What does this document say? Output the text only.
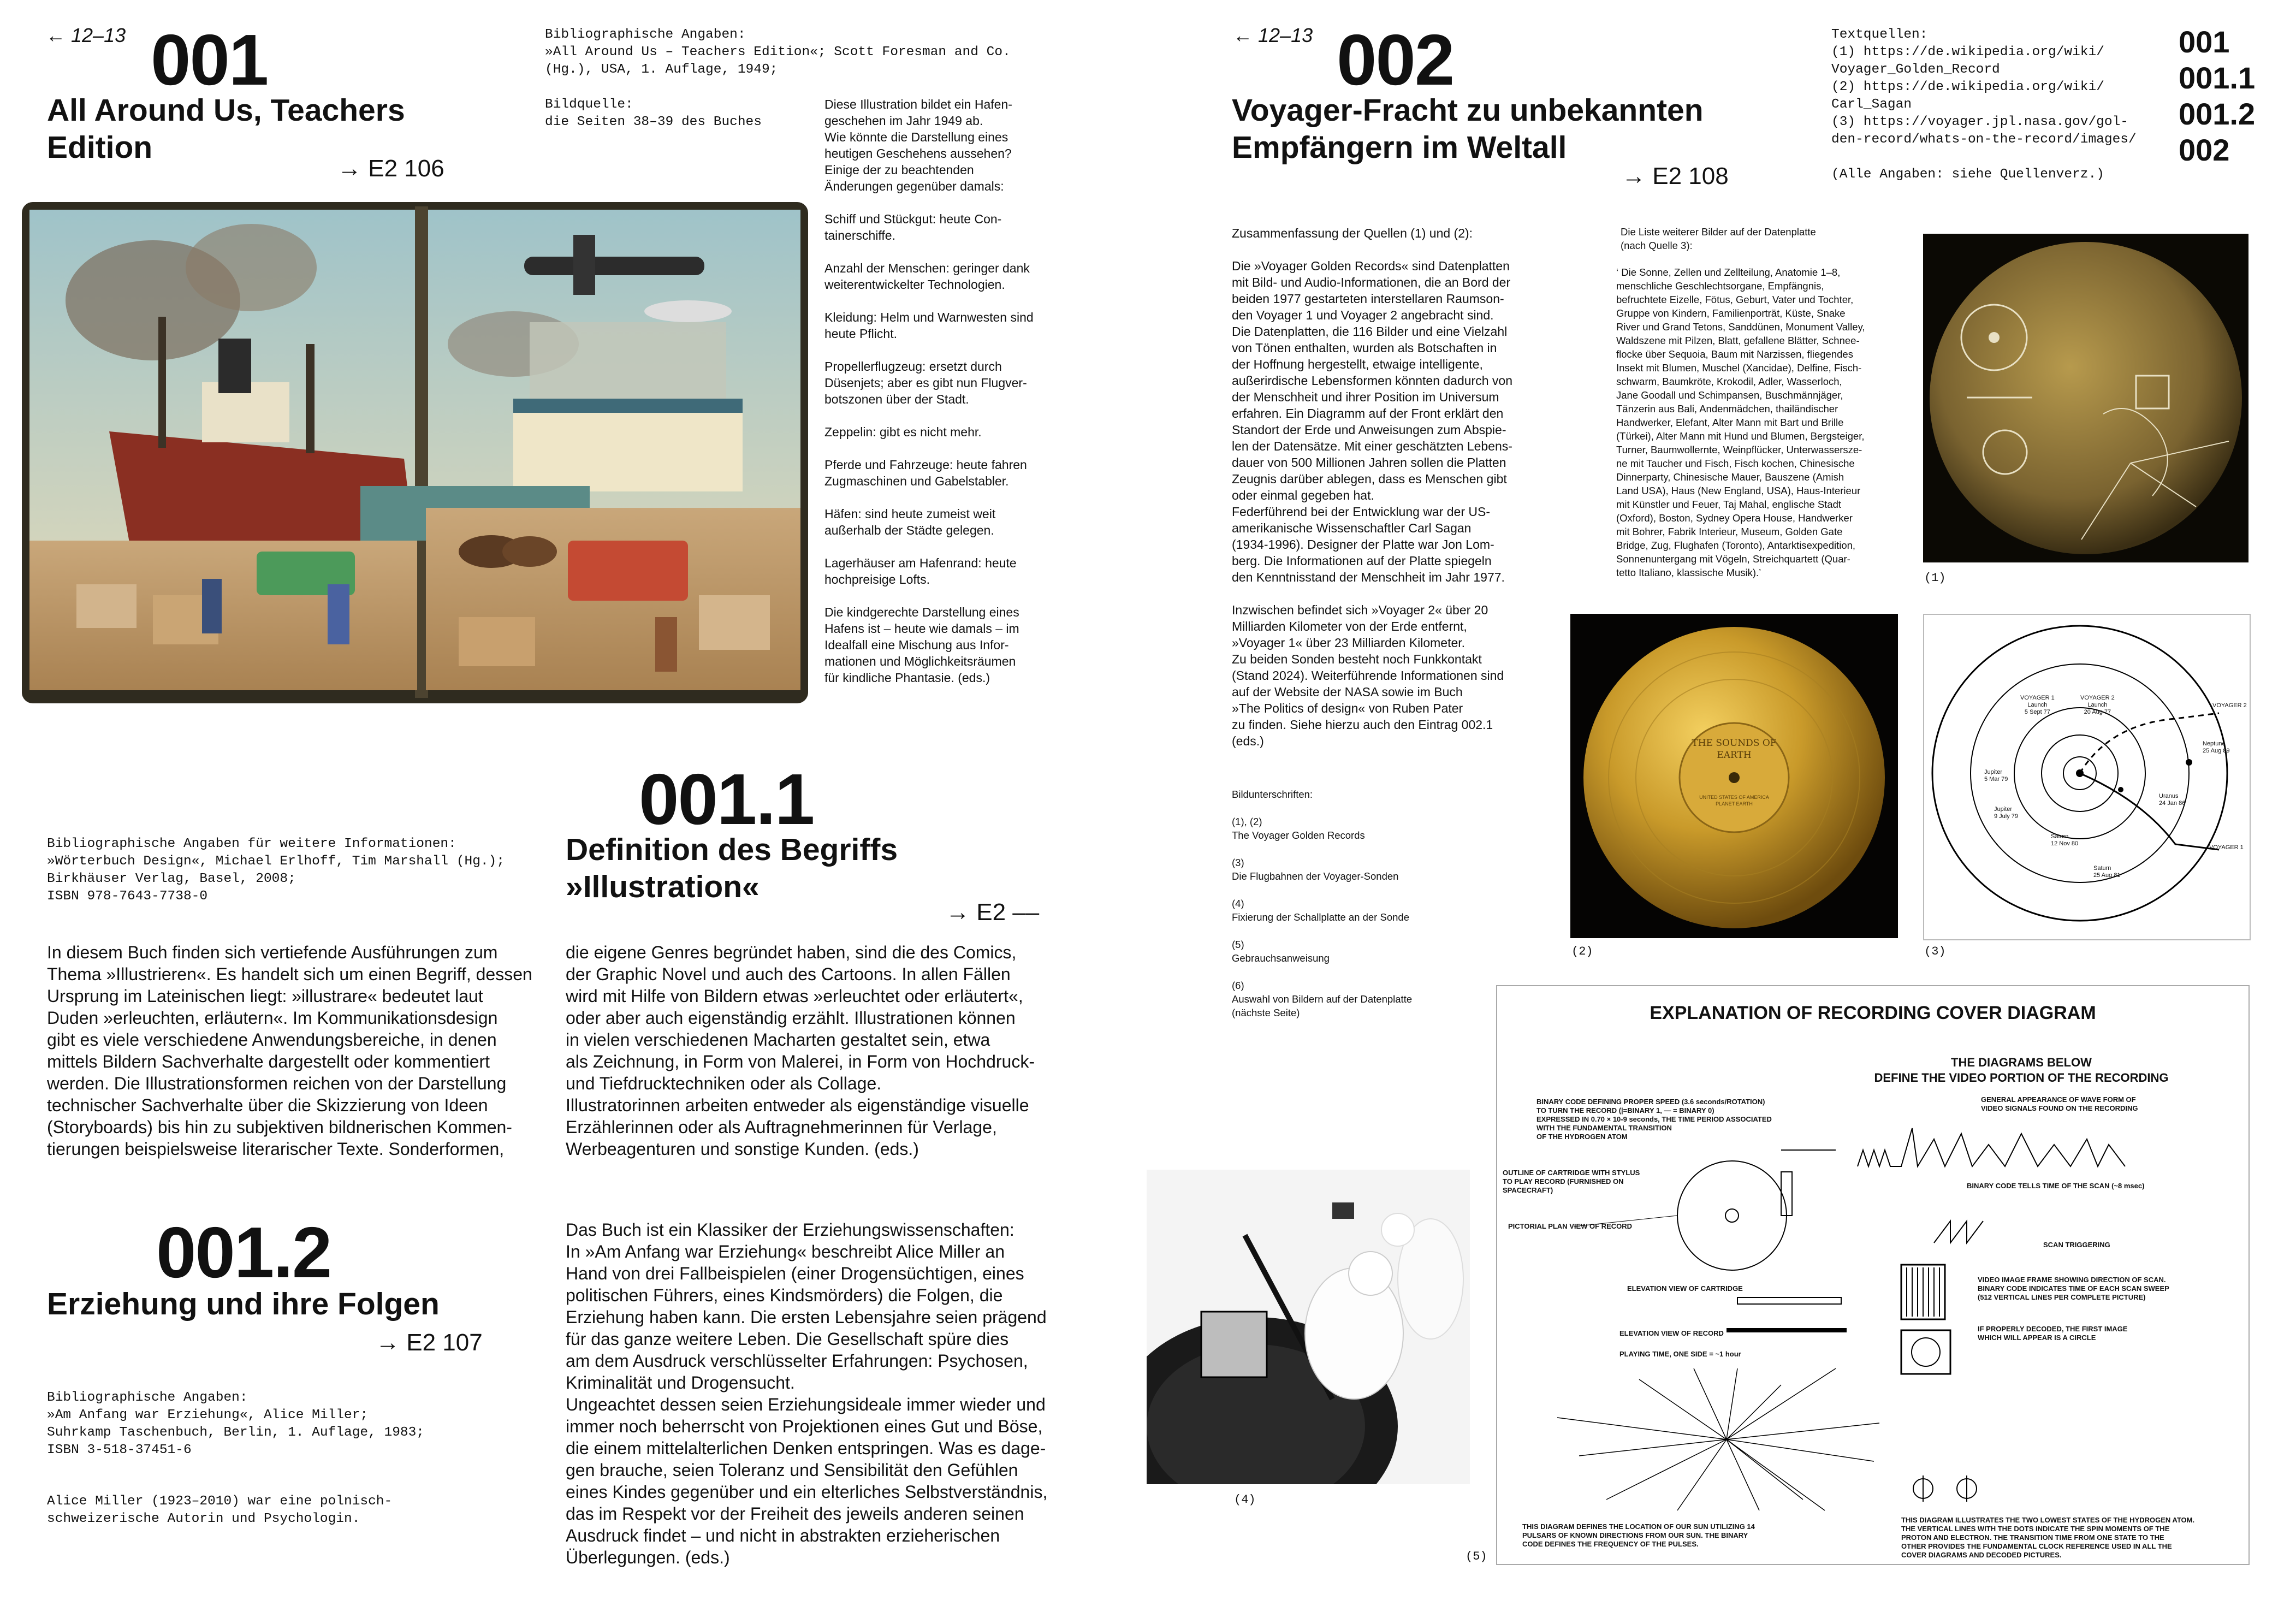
← 12–13 001
All Around Us, Teachers
Edition
→ E2 106
Bibliographische Angaben:
»All Around Us – Teachers Edition«; Scott Foresman and Co.
(Hg.), USA, 1. Auflage, 1949;
Bildquelle:
die Seiten 38–39 des Buches
Diese Illustration bildet ein Hafen-
geschehen im Jahr 1949 ab.
Wie könnte die Darstellung eines
heutigen Geschehens aussehen?
Einige der zu beachtenden
Änderungen gegenüber damals:

Schiff und Stückgut: heute Con-
tainerschiffe.

Anzahl der Menschen: geringer dank
weiterentwickelter Technologien.

Kleidung: Helm und Warnwesten sind
heute Pflicht.

Propellerflugzeug: ersetzt durch
Düsenjets; aber es gibt nun Flugver-
botszonen über der Stadt.

Zeppelin: gibt es nicht mehr.

Pferde und Fahrzeuge: heute fahren
Zugmaschinen und Gabelstabler.

Häfen: sind heute zumeist weit
außerhalb der Städte gelegen.

Lagerhäuser am Hafenrand: heute
hochpreisige Lofts.

Die kindgerechte Darstellung eines
Hafens ist – heute wie damals – im
Idealfall eine Mischung aus Infor-
mationen und Möglichkeitsräumen
für kindliche Phantasie. (eds.)
001.1
Definition des Begriffs
»Illustration«
→ E2 ––
Bibliographische Angaben für weitere Informationen:
»Wörterbuch Design«, Michael Erlhoff, Tim Marshall (Hg.);
Birkhäuser Verlag, Basel, 2008;
ISBN 978-7643-7738-0
In diesem Buch finden sich vertiefende Ausführungen zum
Thema »Illustrieren«. Es handelt sich um einen Begriff, dessen
Ursprung im Lateinischen liegt: »illustrare« bedeutet laut
Duden »erleuchten, erläutern«. Im Kommunikationsdesign
gibt es viele verschiedene Anwendungsbereiche, in denen
mittels Bildern Sachverhalte dargestellt oder kommentiert
werden. Die Illustrationsformen reichen von der Darstellung
technischer Sachverhalte über die Skizzierung von Ideen
(Storyboards) bis hin zu subjektiven bildnerischen Kommen-
tierungen beispielsweise literarischer Texte. Sonderformen,
die eigene Genres begründet haben, sind die des Comics,
der Graphic Novel und auch des Cartoons. In allen Fällen
wird mit Hilfe von Bildern etwas »erleuchtet oder erläutert«,
oder aber auch eigenständig erzählt. Illustrationen können
in vielen verschiedenen Macharten gestaltet sein, etwa
als Zeichnung, in Form von Malerei, in Form von Hochdruck-
und Tiefdrucktechniken oder als Collage.
Illustratorinnen arbeiten entweder als eigenständige visuelle
Erzählerinnen oder als Auftragnehmerinnen für Verlage,
Werbeagenturen und sonstige Kunden. (eds.)
001.2
Erziehung und ihre Folgen
→ E2 107
Bibliographische Angaben:
»Am Anfang war Erziehung«, Alice Miller;
Suhrkamp Taschenbuch, Berlin, 1. Auflage, 1983;
ISBN 3-518-37451-6
Alice Miller (1923–2010) war eine polnisch-
schweizerische Autorin und Psychologin.
Das Buch ist ein Klassiker der Erziehungswissenschaften:
In »Am Anfang war Erziehung« beschreibt Alice Miller an
Hand von drei Fallbeispielen (einer Drogensüchtigen, eines
politischen Führers, eines Kindsmörders) die Folgen, die
Erziehung haben kann. Die ersten Lebensjahre seien prägend
für das ganze weitere Leben. Die Gesellschaft spüre dies
am dem Ausdruck verschlüsselter Erfahrungen: Psychosen,
Kriminalität und Drogensucht.
Ungeachtet dessen seien Erziehungsideale immer wieder und
immer noch beherrscht von Projektionen eines Gut und Böse,
die einem mittelalterlichen Denken entspringen. Was es dage-
gen brauche, seien Toleranz und Sensibilität den Gefühlen
eines Kindes gegenüber und ein elterliches Selbstverständnis,
das im Respekt vor der Freiheit des jeweils anderen seinen
Ausdruck findet – und nicht in abstrakten erzieherischen
Überlegungen. (eds.)
← 12–13 002
Voyager-Fracht zu unbekannten
Empfängern im Weltall
→ E2 108
Textquellen:
(1) https://de.wikipedia.org/wiki/
Voyager_Golden_Record
(2) https://de.wikipedia.org/wiki/
Carl_Sagan
(3) https://voyager.jpl.nasa.gov/gol-
den-record/whats-on-the-record/images/

(Alle Angaben: siehe Quellenverz.)
001
001.1
001.2
002
Zusammenfassung der Quellen (1) und (2):

Die »Voyager Golden Records« sind Datenplatten
mit Bild- und Audio-Informationen, die an Bord der
beiden 1977 gestarteten interstellaren Raumson-
den Voyager 1 und Voyager 2 angebracht sind.
Die Datenplatten, die 116 Bilder und eine Vielzahl
von Tönen enthalten, wurden als Botschaften in
der Hoffnung hergestellt, etwaige intelligente,
außerirdische Lebensformen könnten dadurch von
der Menschheit und ihrer Position im Universum
erfahren. Ein Diagramm auf der Front erklärt den
Standort der Erde und Anweisungen zum Abspie-
len der Datensätze. Mit einer geschätzten Lebens-
dauer von 500 Millionen Jahren sollen die Platten
Zeugnis darüber ablegen, dass es Menschen gibt
oder einmal gegeben hat.
Federführend bei der Entwicklung war der US-
amerikanische Wissenschaftler Carl Sagan
(1934-1996). Designer der Platte war Jon Lom-
berg. Die Informationen auf der Platte spiegeln
den Kenntnisstand der Menschheit im Jahr 1977.

Inzwischen befindet sich »Voyager 2« über 20
Milliarden Kilometer von der Erde entfernt,
»Voyager 1« über 23 Milliarden Kilometer.
Zu beiden Sonden besteht noch Funkkontakt
(Stand 2024). Weiterführende Informationen sind
auf der Website der NASA sowie im Buch
»The Politics of design« von Ruben Pater
zu finden. Siehe hierzu auch den Eintrag 002.1
(eds.)
Die Liste weiterer Bilder auf der Datenplatte
(nach Quelle 3):
‘ Die Sonne, Zellen und Zellteilung, Anatomie 1–8,
menschliche Geschlechtsorgane, Empfängnis,
befruchtete Eizelle, Fötus, Geburt, Vater und Tochter,
Gruppe von Kindern, Familienporträt, Küste, Snake
River und Grand Tetons, Sanddünen, Monument Valley,
Waldszene mit Pilzen, Blatt, gefallene Blätter, Schnee-
flocke über Sequoia, Baum mit Narzissen, fliegendes
Insekt mit Blumen, Muschel (Xancidae), Delfine, Fisch-
schwarm, Baumkröte, Krokodil, Adler, Wasserloch,
Jane Goodall und Schimpansen, Buschmännjäger,
Tänzerin aus Bali, Andenmädchen, thailändischer
Handwerker, Elefant, Alter Mann mit Bart und Brille
(Türkei), Alter Mann mit Hund und Blumen, Bergsteiger,
Turner, Baumwollernte, Weinpflücker, Unterwassersze-
ne mit Taucher und Fisch, Fisch kochen, Chinesische
Dinnerparty, Chinesische Mauer, Bauszene (Amish
Land USA), Haus (New England, USA), Haus-Interieur
mit Künstler und Feuer, Taj Mahal, englische Stadt
(Oxford), Boston, Sydney Opera House, Handwerker
mit Bohrer, Fabrik Interieur, Museum, Golden Gate
Bridge, Zug, Flughafen (Toronto), Antarktisexpedition,
Sonnenuntergang mit Vögeln, Streichquartett (Quar-
tetto Italiano, klassische Musik).’
Bildunterschriften:

(1), (2)
The Voyager Golden Records

(3)
Die Flugbahnen der Voyager-Sonden

(4)
Fixierung der Schallplatte an der Sonde

(5)
Gebrauchsanweisung

(6)
Auswahl von Bildern auf der Datenplatte
(nächste Seite)
(1)
THE SOUNDS OF EARTH
UNITED STATES OF AMERICA
PLANET EARTH
(2)
VOYAGER 1
Launch
5 Sept 77
VOYAGER 2
Launch
20 Aug 77
VOYAGER 2
Neptune
25 Aug 89
Uranus
24 Jan 86
Jupiter
5 Mar 79
Jupiter
9 July 79
Saturn
12 Nov 80
Saturn
25 Aug 81
VOYAGER 1
(3)
(4)
EXPLANATION OF RECORDING COVER DIAGRAM
THE DIAGRAMS BELOW
DEFINE THE VIDEO PORTION OF THE RECORDING
BINARY CODE DEFINING PROPER SPEED (3.6 seconds/ROTATION)
TO TURN THE RECORD (|=BINARY 1, — = BINARY 0)
EXPRESSED IN 0.70 × 10-9 seconds, THE TIME PERIOD ASSOCIATED
WITH THE FUNDAMENTAL TRANSITION
OF THE HYDROGEN ATOM
OUTLINE OF CARTRIDGE WITH STYLUS
TO PLAY RECORD (FURNISHED ON
SPACECRAFT)
PICTORIAL PLAN VIEW OF RECORD
ELEVATION VIEW OF CARTRIDGE
ELEVATION VIEW OF RECORD
PLAYING TIME, ONE SIDE = ~1 hour
GENERAL APPEARANCE OF WAVE FORM OF
VIDEO SIGNALS FOUND ON THE RECORDING
BINARY CODE TELLS TIME OF THE SCAN (~8 msec)
SCAN TRIGGERING
VIDEO IMAGE FRAME SHOWING DIRECTION OF SCAN.
BINARY CODE INDICATES TIME OF EACH SCAN SWEEP
(512 VERTICAL LINES PER COMPLETE PICTURE)
IF PROPERLY DECODED, THE FIRST IMAGE
WHICH WILL APPEAR IS A CIRCLE
THIS DIAGRAM DEFINES THE LOCATION OF OUR SUN UTILIZING 14
PULSARS OF KNOWN DIRECTIONS FROM OUR SUN. THE BINARY
CODE DEFINES THE FREQUENCY OF THE PULSES.
THIS DIAGRAM ILLUSTRATES THE TWO LOWEST STATES OF THE HYDROGEN ATOM.
THE VERTICAL LINES WITH THE DOTS INDICATE THE SPIN MOMENTS OF THE
PROTON AND ELECTRON. THE TRANSITION TIME FROM ONE STATE TO THE
OTHER PROVIDES THE FUNDAMENTAL CLOCK REFERENCE USED IN ALL THE
COVER DIAGRAMS AND DECODED PICTURES.
(5)
